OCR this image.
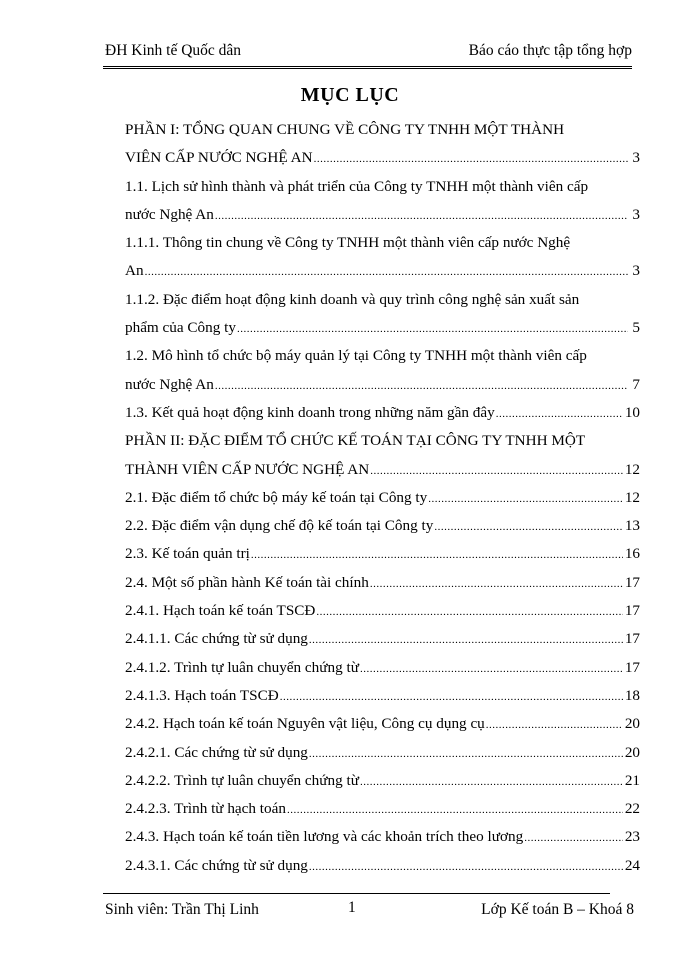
ĐH Kinh tế Quốc dân	Báo cáo thực tập tổng hợp
MỤC LỤC
PHẦN I: TỔNG QUAN CHUNG VỀ CÔNG TY TNHH MỘT THÀNH
VIÊN CẤP NƯỚC NGHỆ AN .....	3
1.1. Lịch sử hình thành và phát triển của Công ty TNHH một thành viên cấp
nước Nghệ An .....	3
1.1.1. Thông tin chung về Công ty TNHH một thành viên cấp nước Nghệ
An .....	3
1.1.2. Đặc điểm hoạt động kinh doanh và quy trình công nghệ sản xuất sản
phẩm của Công ty .....	5
1.2. Mô hình tổ chức bộ máy quản lý tại Công ty TNHH một thành viên cấp
nước Nghệ An .....	7
1.3. Kết quả hoạt động kinh doanh trong những năm gần đây .....	10
PHẦN II: ĐẶC ĐIỂM TỔ CHỨC KẾ TOÁN TẠI CÔNG TY TNHH MỘT
THÀNH VIÊN CẤP NƯỚC NGHỆ AN .....	12
2.1. Đặc điểm tổ chức bộ máy kế toán tại Công ty .....	12
2.2. Đặc điểm vận dụng chế độ kế toán tại Công ty .....	13
2.3. Kế toán quản trị .....	16
2.4. Một số phần hành Kế toán tài chính .....	17
2.4.1. Hạch toán kế toán TSCĐ .....	17
2.4.1.1. Các chứng từ sử dụng .....	17
2.4.1.2. Trình tự luân chuyển chứng từ .....	17
2.4.1.3. Hạch toán TSCĐ .....	18
2.4.2. Hạch toán kế toán Nguyên vật liệu, Công cụ dụng cụ .....	20
2.4.2.1. Các chứng từ sử dụng .....	20
2.4.2.2. Trình tự luân chuyển chứng từ .....	21
2.4.2.3. Trình từ hạch toán .....	22
2.4.3. Hạch toán kế toán tiền lương và các khoản trích theo lương .....	23
2.4.3.1. Các chứng từ sử dụng .....	24
Sinh viên: Trần Thị Linh	1	Lớp Kế toán B – Khoá 8
